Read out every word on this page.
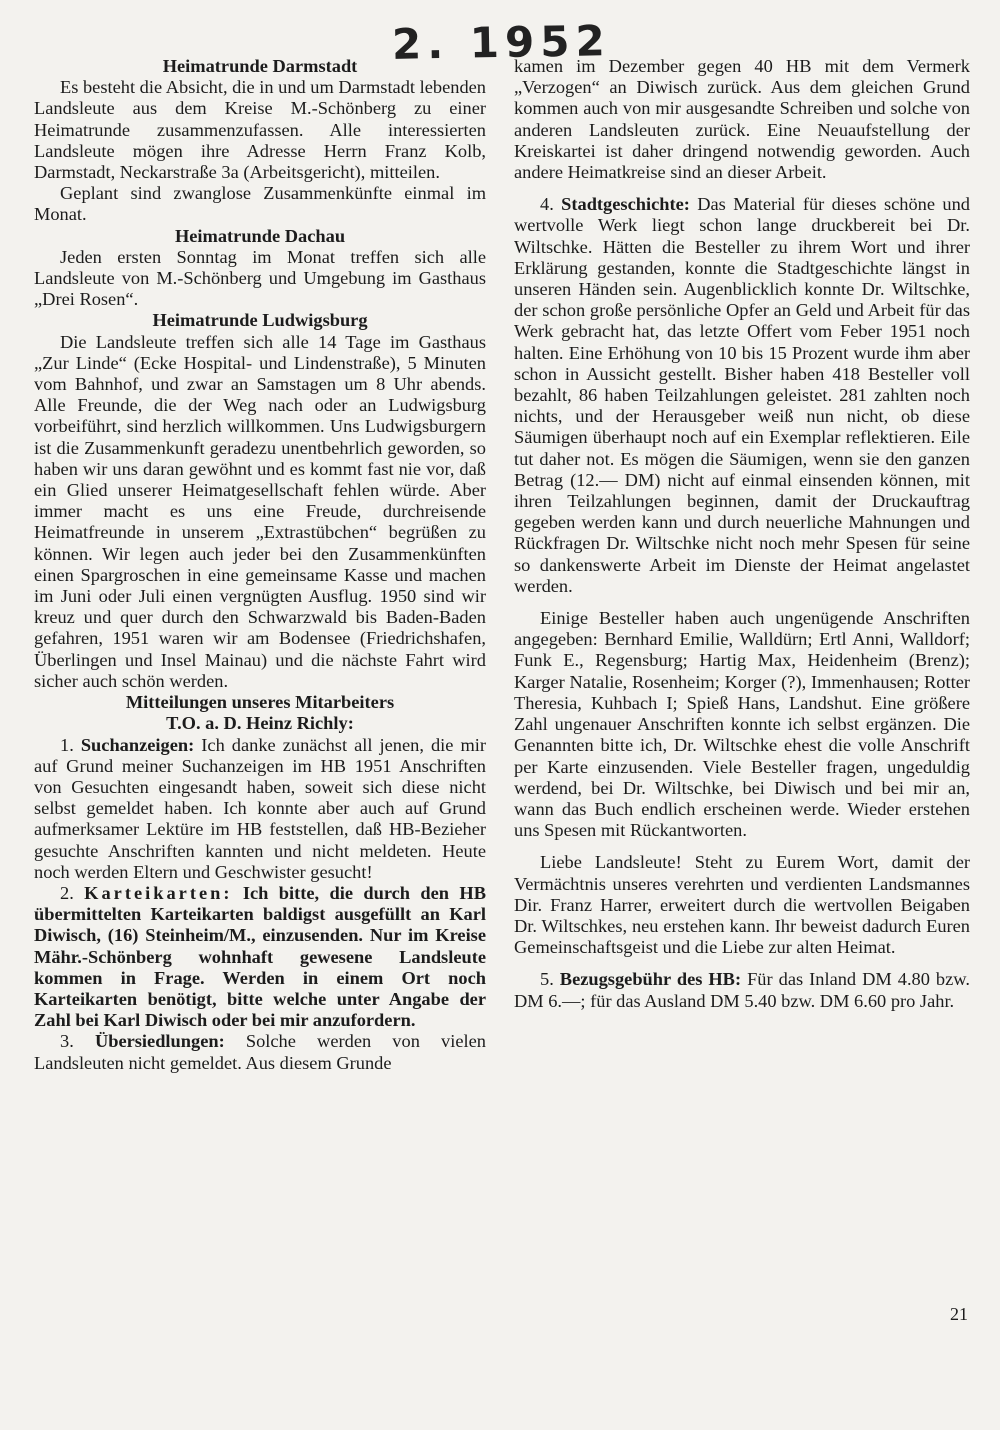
2. 1952
Heimatrunde Darmstadt

Es besteht die Absicht, die in und um Darmstadt lebenden Landsleute aus dem Kreise M.-Schönberg zu einer Heimatrunde zusammenzufassen. Alle interessierten Landsleute mögen ihre Adresse Herrn Franz Kolb, Darmstadt, Neckarstraße 3a (Arbeitsgericht), mitteilen.

Geplant sind zwanglose Zusammenkünfte einmal im Monat.

Heimatrunde Dachau

Jeden ersten Sonntag im Monat treffen sich alle Landsleute von M.-Schönberg und Umgebung im Gasthaus „Drei Rosen“.

Heimatrunde Ludwigsburg

Die Landsleute treffen sich alle 14 Tage im Gasthaus „Zur Linde“ (Ecke Hospital- und Lindenstraße), 5 Minuten vom Bahnhof, und zwar an Samstagen um 8 Uhr abends. Alle Freunde, die der Weg nach oder an Ludwigsburg vorbeiführt, sind herzlich willkommen. Uns Ludwigsburgern ist die Zusammenkunft geradezu unentbehrlich geworden, so haben wir uns daran gewöhnt und es kommt fast nie vor, daß ein Glied unserer Heimatgesellschaft fehlen würde. Aber immer macht es uns eine Freude, durchreisende Heimatfreunde in unserem „Extrastübchen“ begrüßen zu können. Wir legen auch jeder bei den Zusammenkünften einen Spargroschen in eine gemeinsame Kasse und machen im Juni oder Juli einen vergnügten Ausflug. 1950 sind wir kreuz und quer durch den Schwarzwald bis Baden-Baden gefahren, 1951 waren wir am Bodensee (Friedrichshafen, Überlingen und Insel Mainau) und die nächste Fahrt wird sicher auch schön werden.

Mitteilungen unseres Mitarbeiters
T.O. a. D. Heinz Richly:

1. Suchanzeigen: Ich danke zunächst all jenen, die mir auf Grund meiner Suchanzeigen im HB 1951 Anschriften von Gesuchten eingesandt haben, soweit sich diese nicht selbst gemeldet haben. Ich konnte aber auch auf Grund aufmerksamer Lektüre im HB feststellen, daß HB-Bezieher gesuchte Anschriften kannten und nicht meldeten. Heute noch werden Eltern und Geschwister gesucht!

2. Karteikarten: Ich bitte, die durch den HB übermittelten Karteikarten baldigst ausgefüllt an Karl Diwisch, (16) Steinheim/M., einzusenden. Nur im Kreise Mähr.-Schönberg wohnhaft gewesene Landsleute kommen in Frage. Werden in einem Ort noch Karteikarten benötigt, bitte welche unter Angabe der Zahl bei Karl Diwisch oder bei mir anzufordern.

3. Übersiedlungen: Solche werden von vielen Landsleuten nicht gemeldet. Aus diesem Grunde

kamen im Dezember gegen 40 HB mit dem Vermerk „Verzogen“ an Diwisch zurück. Aus dem gleichen Grund kommen auch von mir ausgesandte Schreiben und solche von anderen Landsleuten zurück. Eine Neuaufstellung der Kreiskartei ist daher dringend notwendig geworden. Auch andere Heimatkreise sind an dieser Arbeit.

4. Stadtgeschichte: Das Material für dieses schöne und wertvolle Werk liegt schon lange druckbereit bei Dr. Wiltschke. Hätten die Besteller zu ihrem Wort und ihrer Erklärung gestanden, konnte die Stadtgeschichte längst in unseren Händen sein. Augenblicklich konnte Dr. Wiltschke, der schon große persönliche Opfer an Geld und Arbeit für das Werk gebracht hat, das letzte Offert vom Feber 1951 noch halten. Eine Erhöhung von 10 bis 15 Prozent wurde ihm aber schon in Aussicht gestellt. Bisher haben 418 Besteller voll bezahlt, 86 haben Teilzahlungen geleistet. 281 zahlten noch nichts, und der Herausgeber weiß nun nicht, ob diese Säumigen überhaupt noch auf ein Exemplar reflektieren. Eile tut daher not. Es mögen die Säumigen, wenn sie den ganzen Betrag (12.— DM) nicht auf einmal einsenden können, mit ihren Teilzahlungen beginnen, damit der Druckauftrag gegeben werden kann und durch neuerliche Mahnungen und Rückfragen Dr. Wiltschke nicht noch mehr Spesen für seine so dankenswerte Arbeit im Dienste der Heimat angelastet werden.

Einige Besteller haben auch ungenügende Anschriften angegeben: Bernhard Emilie, Walldürn; Ertl Anni, Walldorf; Funk E., Regensburg; Hartig Max, Heidenheim (Brenz); Karger Natalie, Rosenheim; Korger (?), Immenhausen; Rotter Theresia, Kuhbach I; Spieß Hans, Landshut. Eine größere Zahl ungenauer Anschriften konnte ich selbst ergänzen. Die Genannten bitte ich, Dr. Wiltschke ehest die volle Anschrift per Karte einzusenden. Viele Besteller fragen, ungeduldig werdend, bei Dr. Wiltschke, bei Diwisch und bei mir an, wann das Buch endlich erscheinen werde. Wieder erstehen uns Spesen mit Rückantworten.

Liebe Landsleute! Steht zu Eurem Wort, damit der Vermächtnis unseres verehrten und verdienten Landsmannes Dir. Franz Harrer, erweitert durch die wertvollen Beigaben Dr. Wiltschkes, neu erstehen kann. Ihr beweist dadurch Euren Gemeinschaftsgeist und die Liebe zur alten Heimat.

5. Bezugsgebühr des HB: Für das Inland DM 4.80 bzw. DM 6.—; für das Ausland DM 5.40 bzw. DM 6.60 pro Jahr.

21
